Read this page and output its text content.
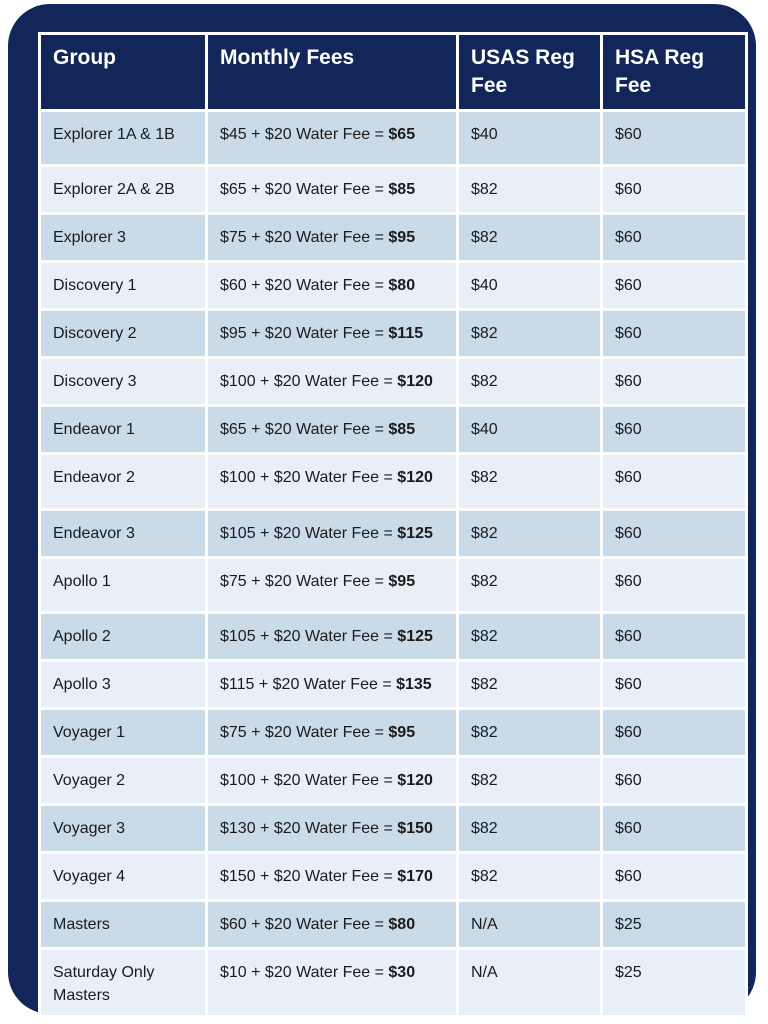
Group	Monthly Fees	USAS Reg Fee	HSA Reg Fee
Explorer 1A & 1B	$45 + $20 Water Fee = $65	$40	$60
Explorer 2A & 2B	$65 + $20 Water Fee = $85	$82	$60
Explorer 3	$75 + $20 Water Fee = $95	$82	$60
Discovery 1	$60 + $20 Water Fee = $80	$40	$60
Discovery 2	$95 + $20 Water Fee = $115	$82	$60
Discovery 3	$100 + $20 Water Fee = $120	$82	$60
Endeavor 1	$65 + $20 Water Fee = $85	$40	$60
Endeavor 2	$100 + $20 Water Fee = $120	$82	$60
Endeavor 3	$105 + $20 Water Fee = $125	$82	$60
Apollo 1	$75 + $20 Water Fee = $95	$82	$60
Apollo 2	$105 + $20 Water Fee = $125	$82	$60
Apollo 3	$115 + $20 Water Fee = $135	$82	$60
Voyager 1	$75 + $20 Water Fee = $95	$82	$60
Voyager 2	$100 + $20 Water Fee = $120	$82	$60
Voyager 3	$130 + $20 Water Fee = $150	$82	$60
Voyager 4	$150 + $20 Water Fee = $170	$82	$60
Masters	$60 + $20 Water Fee = $80	N/A	$25
Saturday Only Masters	$10 + $20 Water Fee = $30	N/A	$25
